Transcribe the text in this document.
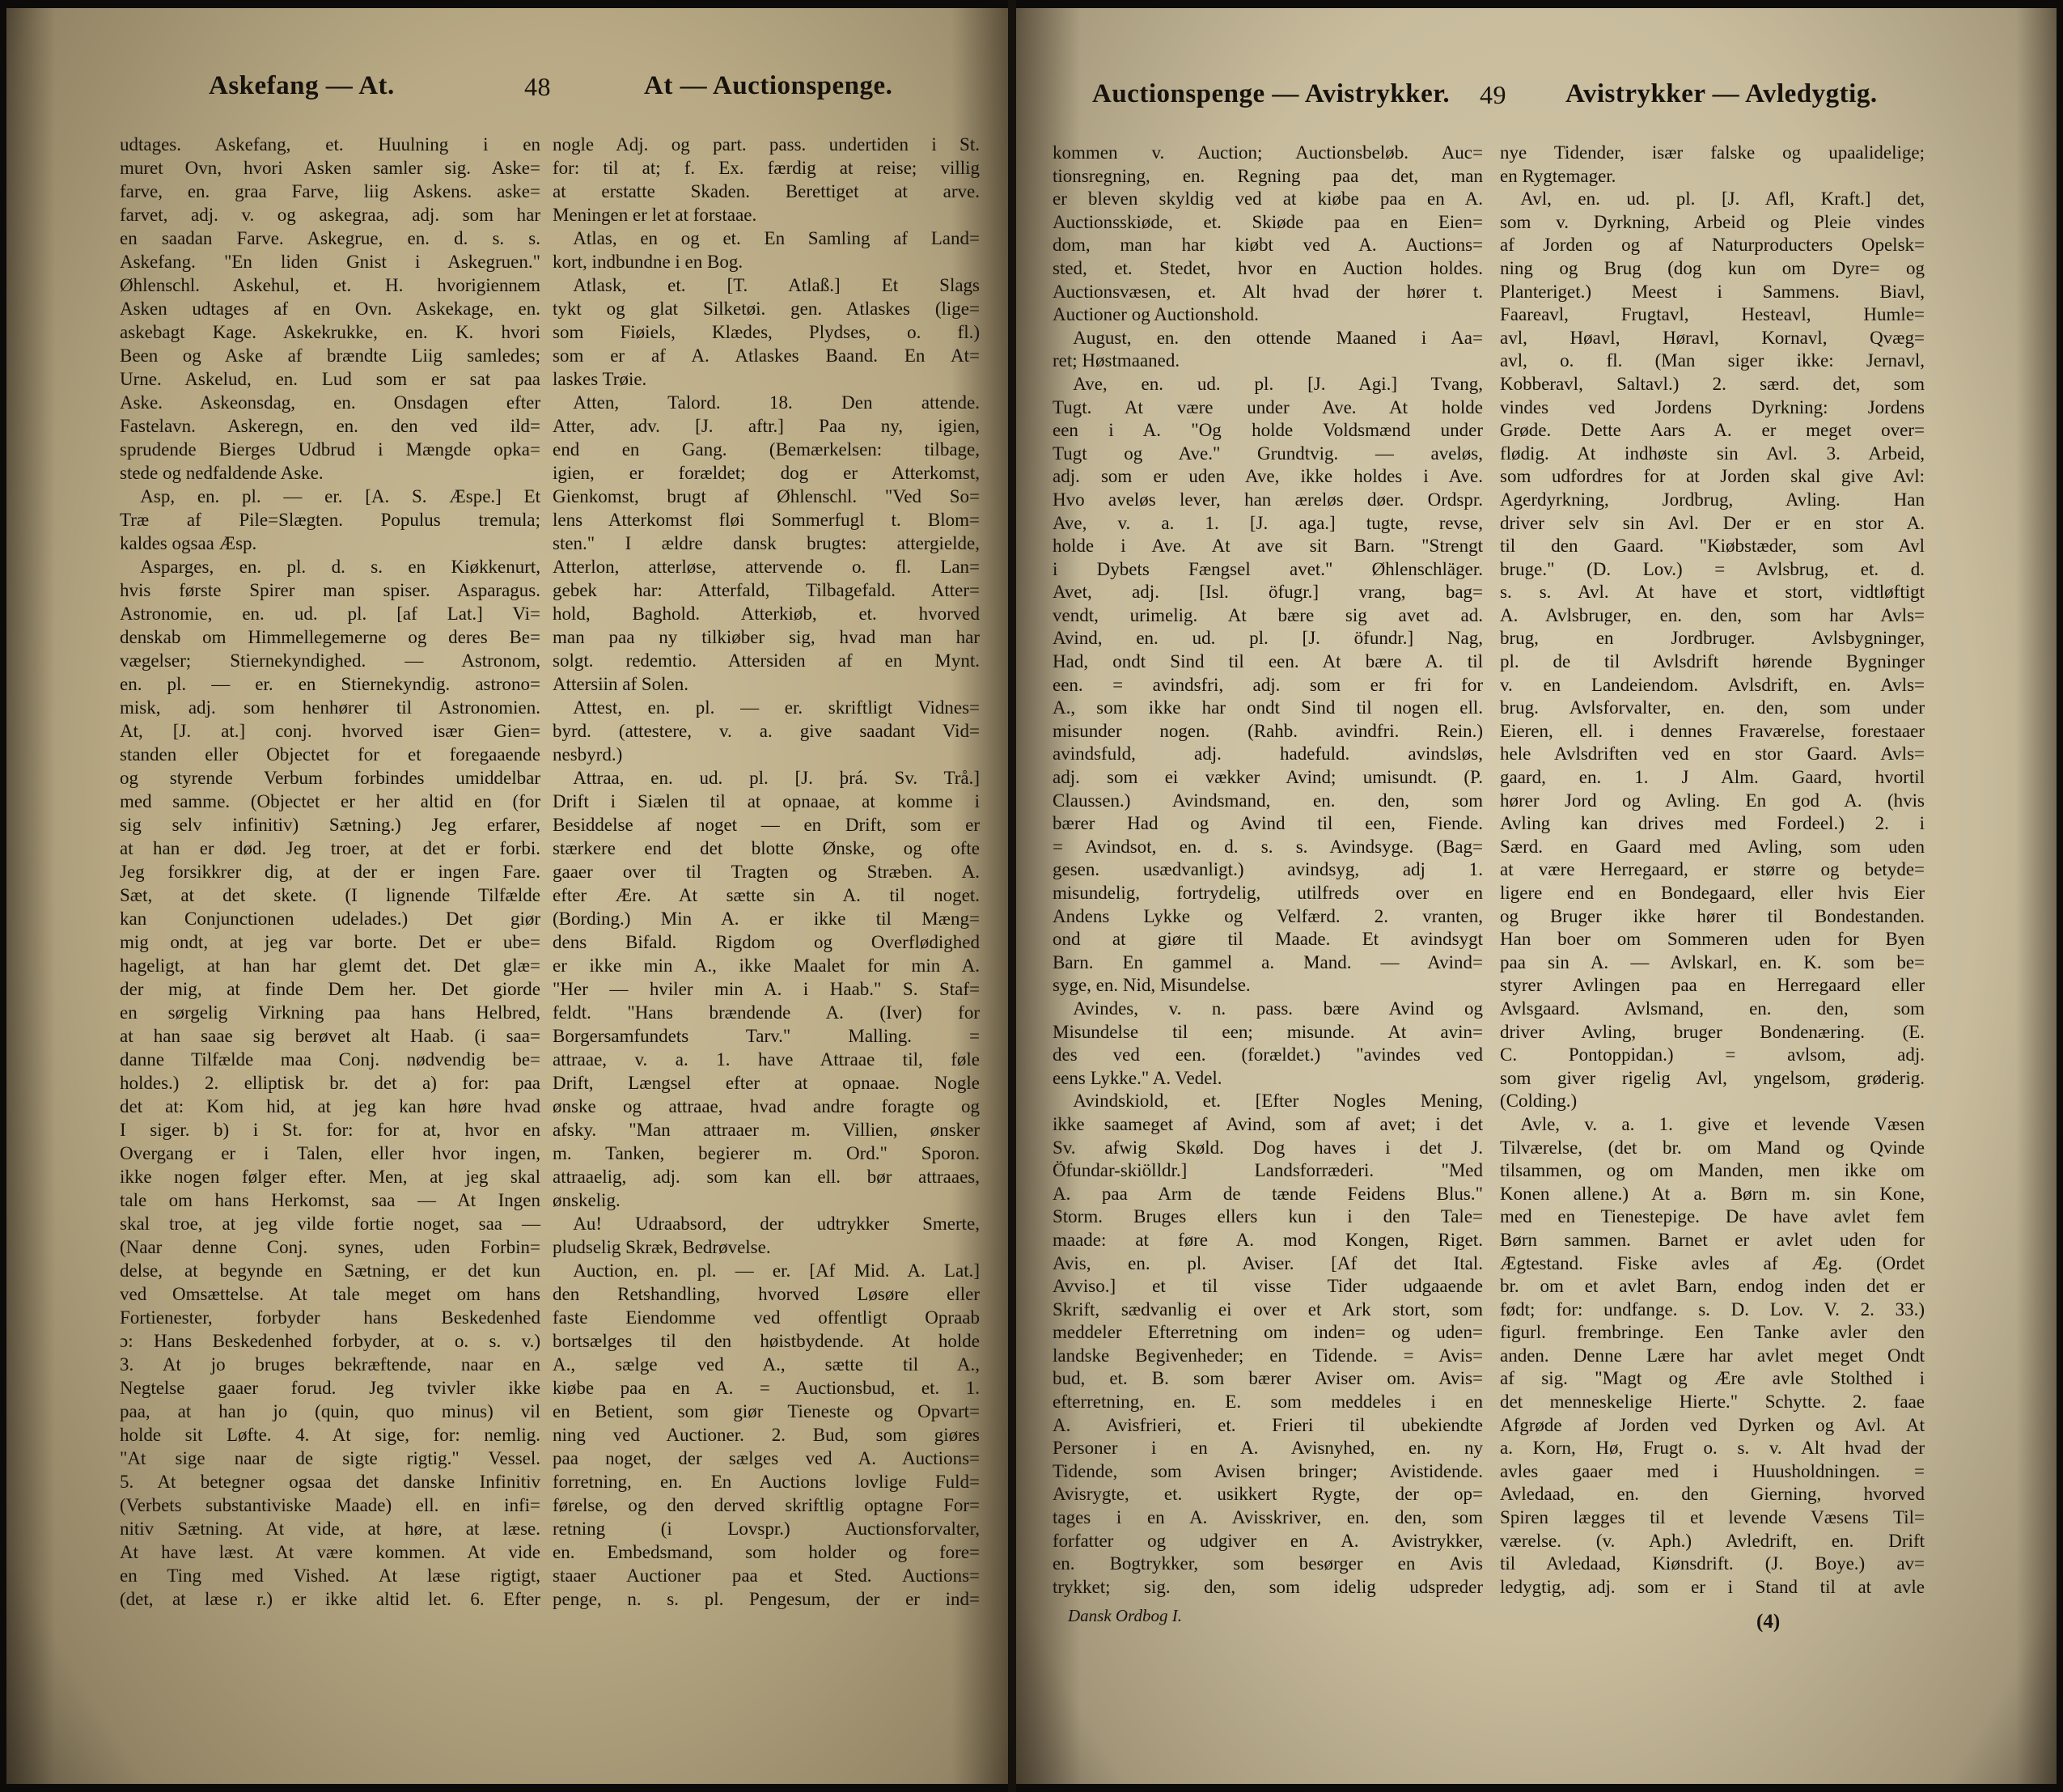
Askefang — At.	48	At — Auctionspenge.
udtages. Askefang, et. Huulning i en
muret Ovn, hvori Asken samler sig. Aske=
farve, en. graa Farve, liig Askens. aske=
farvet, adj. v. og askegraa, adj. som har
en saadan Farve. Askegrue, en. d. s. s.
Askefang. "En liden Gnist i Askegruen."
Øhlenschl. Askehul, et. H. hvorigiennem
Asken udtages af en Ovn. Askekage, en.
askebagt Kage. Askekrukke, en. K. hvori
Been og Aske af brændte Liig samledes;
Urne. Askelud, en. Lud som er sat paa
Aske. Askeonsdag, en. Onsdagen efter
Fastelavn. Askeregn, en. den ved ild=
sprudende Bierges Udbrud i Mængde opka=
stede og nedfaldende Aske.
Asp, en. pl. — er. [A. S. Æspe.] Et
Træ af Pile=Slægten. Populus tremula;
kaldes ogsaa Æsp.
Asparges, en. pl. d. s. en Kiøkkenurt,
hvis første Spirer man spiser. Asparagus.
Astronomie, en. ud. pl. [af Lat.] Vi=
denskab om Himmellegemerne og deres Be=
vægelser; Stiernekyndighed. — Astronom,
en. pl. — er. en Stiernekyndig. astrono=
misk, adj. som henhører til Astronomien.
At, [J. at.] conj. hvorved især Gien=
standen eller Objectet for et foregaaende
og styrende Verbum forbindes umiddelbar
med samme. (Objectet er her altid en (for
sig selv infinitiv) Sætning.) Jeg erfarer,
at han er død. Jeg troer, at det er forbi.
Jeg forsikkrer dig, at der er ingen Fare.
Sæt, at det skete. (I lignende Tilfælde
kan Conjunctionen udelades.) Det giør
mig ondt, at jeg var borte. Det er ube=
hageligt, at han har glemt det. Det glæ=
der mig, at finde Dem her. Det giorde
en sørgelig Virkning paa hans Helbred,
at han saae sig berøvet alt Haab. (i saa=
danne Tilfælde maa Conj. nødvendig be=
holdes.) 2. elliptisk br. det a) for: paa
det at: Kom hid, at jeg kan høre hvad
I siger. b) i St. for: for at, hvor en
Overgang er i Talen, eller hvor ingen,
ikke nogen følger efter. Men, at jeg skal
tale om hans Herkomst, saa — At Ingen
skal troe, at jeg vilde fortie noget, saa —
(Naar denne Conj. synes, uden Forbin=
delse, at begynde en Sætning, er det kun
ved Omsættelse. At tale meget om hans
Fortienester, forbyder hans Beskedenhed
ɔ: Hans Beskedenhed forbyder, at o. s. v.)
3. At jo bruges bekræftende, naar en
Negtelse gaaer forud. Jeg tvivler ikke
paa, at han jo (quin, quo minus) vil
holde sit Løfte. 4. At sige, for: nemlig.
"At sige naar de sigte rigtig." Vessel.
5. At betegner ogsaa det danske Infinitiv
(Verbets substantiviske Maade) ell. en infi=
nitiv Sætning. At vide, at høre, at læse.
At have læst. At være kommen. At vide
en Ting med Vished. At læse rigtigt,
(det, at læse r.) er ikke altid let. 6. Efter
nogle Adj. og part. pass. undertiden i St.
for: til at; f. Ex. færdig at reise; villig
at erstatte Skaden. Berettiget at arve.
Meningen er let at forstaae.
Atlas, en og et. En Samling af Land=
kort, indbundne i en Bog.
Atlask, et. [T. Atlaß.] Et Slags
tykt og glat Silketøi. gen. Atlaskes (lige=
som Fiøiels, Klædes, Plydses, o. fl.)
som er af A. Atlaskes Baand. En At=
laskes Trøie.
Atten, Talord. 18. Den attende.
Atter, adv. [J. aftr.] Paa ny, igien,
end en Gang. (Bemærkelsen: tilbage,
igien, er forældet; dog er Atterkomst,
Gienkomst, brugt af Øhlenschl. "Ved So=
lens Atterkomst fløi Sommerfugl t. Blom=
sten." I ældre dansk brugtes: attergielde,
Atterlon, atterløse, attervende o. fl. Lan=
gebek har: Atterfald, Tilbagefald. Atter=
hold, Baghold. Atterkiøb, et. hvorved
man paa ny tilkiøber sig, hvad man har
solgt. redemtio. Attersiden af en Mynt.
Attersiin af Solen.
Attest, en. pl. — er. skriftligt Vidnes=
byrd. (attestere, v. a. give saadant Vid=
nesbyrd.)
Attraa, en. ud. pl. [J. þrá. Sv. Trå.]
Drift i Siælen til at opnaae, at komme i
Besiddelse af noget — en Drift, som er
stærkere end det blotte Ønske, og ofte
gaaer over til Tragten og Stræben. A.
efter Ære. At sætte sin A. til noget.
(Bording.) Min A. er ikke til Mæng=
dens Bifald. Rigdom og Overflødighed
er ikke min A., ikke Maalet for min A.
"Her — hviler min A. i Haab." S. Staf=
feldt. "Hans brændende A. (Iver) for
Borgersamfundets Tarv." Malling. =
attraae, v. a. 1. have Attraae til, føle
Drift, Længsel efter at opnaae. Nogle
ønske og attraae, hvad andre foragte og
afsky. "Man attraaer m. Villien, ønsker
m. Tanken, begierer m. Ord." Sporon.
attraaelig, adj. som kan ell. bør attraaes,
ønskelig.
Au! Udraabsord, der udtrykker Smerte,
pludselig Skræk, Bedrøvelse.
Auction, en. pl. — er. [Af Mid. A. Lat.]
den Retshandling, hvorved Løsøre eller
faste Eiendomme ved offentligt Opraab
bortsælges til den høistbydende. At holde
A., sælge ved A., sætte til A.,
kiøbe paa en A. = Auctionsbud, et. 1.
en Betient, som giør Tieneste og Opvart=
ning ved Auctioner. 2. Bud, som giøres
paa noget, der sælges ved A. Auctions=
forretning, en. En Auctions lovlige Fuld=
førelse, og den derved skriftlig optagne For=
retning (i Lovspr.) Auctionsforvalter,
en. Embedsmand, som holder og fore=
staaer Auctioner paa et Sted. Auctions=
penge, n. s. pl. Pengesum, der er ind=
Auctionspenge — Avistrykker. 49 Avistrykker — Avledygtig.
kommen v. Auction; Auctionsbeløb. Auc=
tionsregning, en. Regning paa det, man
er bleven skyldig ved at kiøbe paa en A.
Auctionsskiøde, et. Skiøde paa en Eien=
dom, man har kiøbt ved A. Auctions=
sted, et. Stedet, hvor en Auction holdes.
Auctionsvæsen, et. Alt hvad der hører t.
Auctioner og Auctionshold.
August, en. den ottende Maaned i Aa=
ret; Høstmaaned.
Ave, en. ud. pl. [J. Agi.] Tvang,
Tugt. At være under Ave. At holde
een i A. "Og holde Voldsmænd under
Tugt og Ave." Grundtvig. — aveløs,
adj. som er uden Ave, ikke holdes i Ave.
Hvo aveløs lever, han æreløs døer. Ordspr.
Ave, v. a. 1. [J. aga.] tugte, revse,
holde i Ave. At ave sit Barn. "Strengt
i Dybets Fængsel avet." Øhlenschläger.
Avet, adj. [Isl. öfugr.] vrang, bag=
vendt, urimelig. At bære sig avet ad.
Avind, en. ud. pl. [J. öfundr.] Nag,
Had, ondt Sind til een. At bære A. til
een. = avindsfri, adj. som er fri for
A., som ikke har ondt Sind til nogen ell.
misunder nogen. (Rahb. avindfri. Rein.)
avindsfuld, adj. hadefuld. avindsløs,
adj. som ei vækker Avind; umisundt. (P.
Claussen.) Avindsmand, en. den, som
bærer Had og Avind til een, Fiende.
= Avindsot, en. d. s. s. Avindsyge. (Bag=
gesen. usædvanligt.) avindsyg, adj 1.
misundelig, fortrydelig, utilfreds over en
Andens Lykke og Velfærd. 2. vranten,
ond at giøre til Maade. Et avindsygt
Barn. En gammel a. Mand. — Avind=
syge, en. Nid, Misundelse.
Avindes, v. n. pass. bære Avind og
Misundelse til een; misunde. At avin=
des ved een. (forældet.) "avindes ved
eens Lykke." A. Vedel.
Avindskiold, et. [Efter Nogles Mening,
ikke saameget af Avind, som af avet; i det
Sv. afwig Skøld. Dog haves i det J.
Öfundar-skiölldr.] Landsforræderi. "Med
A. paa Arm de tænde Feidens Blus."
Storm. Bruges ellers kun i den Tale=
maade: at føre A. mod Kongen, Riget.
Avis, en. pl. Aviser. [Af det Ital.
Avviso.] et til visse Tider udgaaende
Skrift, sædvanlig ei over et Ark stort, som
meddeler Efterretning om inden= og uden=
landske Begivenheder; en Tidende. = Avis=
bud, et. B. som bærer Aviser om. Avis=
efterretning, en. E. som meddeles i en
A. Avisfrieri, et. Frieri til ubekiendte
Personer i en A. Avisnyhed, en. ny
Tidende, som Avisen bringer; Avistidende.
Avisrygte, et. usikkert Rygte, der op=
tages i en A. Avisskriver, en. den, som
forfatter og udgiver en A. Avistrykker,
en. Bogtrykker, som besørger en Avis
trykket; sig. den, som idelig udspreder
nye Tidender, især falske og upaalidelige;
en Rygtemager.
Avl, en. ud. pl. [J. Afl, Kraft.] det,
som v. Dyrkning, Arbeid og Pleie vindes
af Jorden og af Naturproducters Opelsk=
ning og Brug (dog kun om Dyre= og
Planteriget.) Meest i Sammens. Biavl,
Faareavl, Frugtavl, Hesteavl, Humle=
avl, Høavl, Høravl, Kornavl, Qvæg=
avl, o. fl. (Man siger ikke: Jernavl,
Kobberavl, Saltavl.) 2. særd. det, som
vindes ved Jordens Dyrkning: Jordens
Grøde. Dette Aars A. er meget over=
flødig. At indhøste sin Avl. 3. Arbeid,
som udfordres for at Jorden skal give Avl:
Agerdyrkning, Jordbrug, Avling. Han
driver selv sin Avl. Der er en stor A.
til den Gaard. "Kiøbstæder, som Avl
bruge." (D. Lov.) = Avlsbrug, et. d.
s. s. Avl. At have et stort, vidtløftigt
A. Avlsbruger, en. den, som har Avls=
brug, en Jordbruger. Avlsbygninger,
pl. de til Avlsdrift hørende Bygninger
v. en Landeiendom. Avlsdrift, en. Avls=
brug. Avlsforvalter, en. den, som under
Eieren, ell. i dennes Fraværelse, forestaaer
hele Avlsdriften ved en stor Gaard. Avls=
gaard, en. 1. J Alm. Gaard, hvortil
hører Jord og Avling. En god A. (hvis
Avling kan drives med Fordeel.) 2. i
Særd. en Gaard med Avling, som uden
at være Herregaard, er større og betyde=
ligere end en Bondegaard, eller hvis Eier
og Bruger ikke hører til Bondestanden.
Han boer om Sommeren uden for Byen
paa sin A. — Avlskarl, en. K. som be=
styrer Avlingen paa en Herregaard eller
Avlsgaard. Avlsmand, en. den, som
driver Avling, bruger Bondenæring. (E.
C. Pontoppidan.) = avlsom, adj.
som giver rigelig Avl, yngelsom, grøderig.
(Colding.)
Avle, v. a. 1. give et levende Væsen
Tilværelse, (det br. om Mand og Qvinde
tilsammen, og om Manden, men ikke om
Konen allene.) At a. Børn m. sin Kone,
med en Tienestepige. De have avlet fem
Børn sammen. Barnet er avlet uden for
Ægtestand. Fiske avles af Æg. (Ordet
br. om et avlet Barn, endog inden det er
født; for: undfange. s. D. Lov. V. 2. 33.)
figurl. frembringe. Een Tanke avler den
anden. Denne Lære har avlet meget Ondt
af sig. "Magt og Ære avle Stolthed i
det menneskelige Hierte." Schytte. 2. faae
Afgrøde af Jorden ved Dyrken og Avl. At
a. Korn, Hø, Frugt o. s. v. Alt hvad der
avles gaaer med i Huusholdningen. =
Avledaad, en. den Gierning, hvorved
Spiren lægges til et levende Væsens Til=
værelse. (v. Aph.) Avledrift, en. Drift
til Avledaad, Kiønsdrift. (J. Boye.) av=
ledygtig, adj. som er i Stand til at avle
Dansk Ordbog I.	(4)
